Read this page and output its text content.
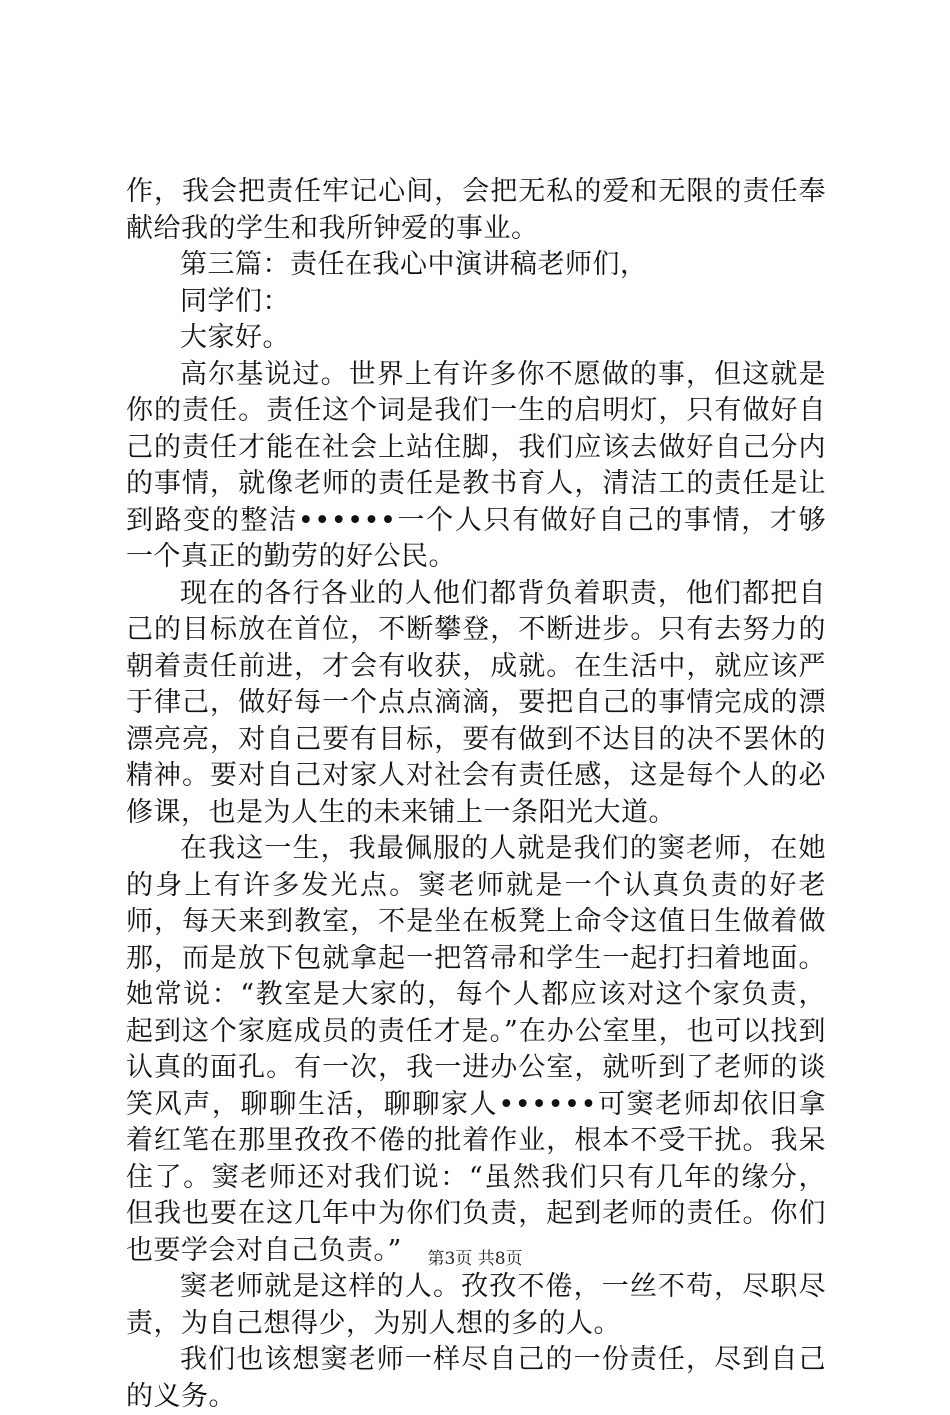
作，我会把责任牢记心间，会把无私的爱和无限的责任奉献给我的学生和我所钟爱的事业。

第三篇：责任在我心中演讲稿老师们，

同学们：

大家好。

高尔基说过。世界上有许多你不愿做的事，但这就是你的责任。责任这个词是我们一生的启明灯，只有做好自己的责任才能在社会上站住脚，我们应该去做好自己分内的事情，就像老师的责任是教书育人，清洁工的责任是让到路变的整洁••••••一个人只有做好自己的事情，才够一个真正的勤劳的好公民。

现在的各行各业的人他们都背负着职责，他们都把自己的目标放在首位，不断攀登，不断进步。只有去努力的朝着责任前进，才会有收获，成就。在生活中，就应该严于律己，做好每一个点点滴滴，要把自己的事情完成的漂漂亮亮，对自己要有目标，要有做到不达目的决不罢休的精神。要对自己对家人对社会有责任感，这是每个人的必修课，也是为人生的未来铺上一条阳光大道。

在我这一生，我最佩服的人就是我们的窦老师，在她的身上有许多发光点。窦老师就是一个认真负责的好老师，每天来到教室，不是坐在板凳上命令这值日生做着做那，而是放下包就拿起一把笤帚和学生一起打扫着地面。她常说：“教室是大家的，每个人都应该对这个家负责，起到这个家庭成员的责任才是。”在办公室里，也可以找到认真的面孔。有一次，我一进办公室，就听到了老师的谈笑风声，聊聊生活，聊聊家人••••••可窦老师却依旧拿着红笔在那里孜孜不倦的批着作业，根本不受干扰。我呆住了。窦老师还对我们说：“虽然我们只有几年的缘分，但我也要在这几年中为你们负责，起到老师的责任。你们也要学会对自己负责。”

窦老师就是这样的人。孜孜不倦，一丝不苟，尽职尽责，为自己想得少，为别人想的多的人。

我们也该想窦老师一样尽自己的一份责任，尽到自己的义务。

第3页 共8页
